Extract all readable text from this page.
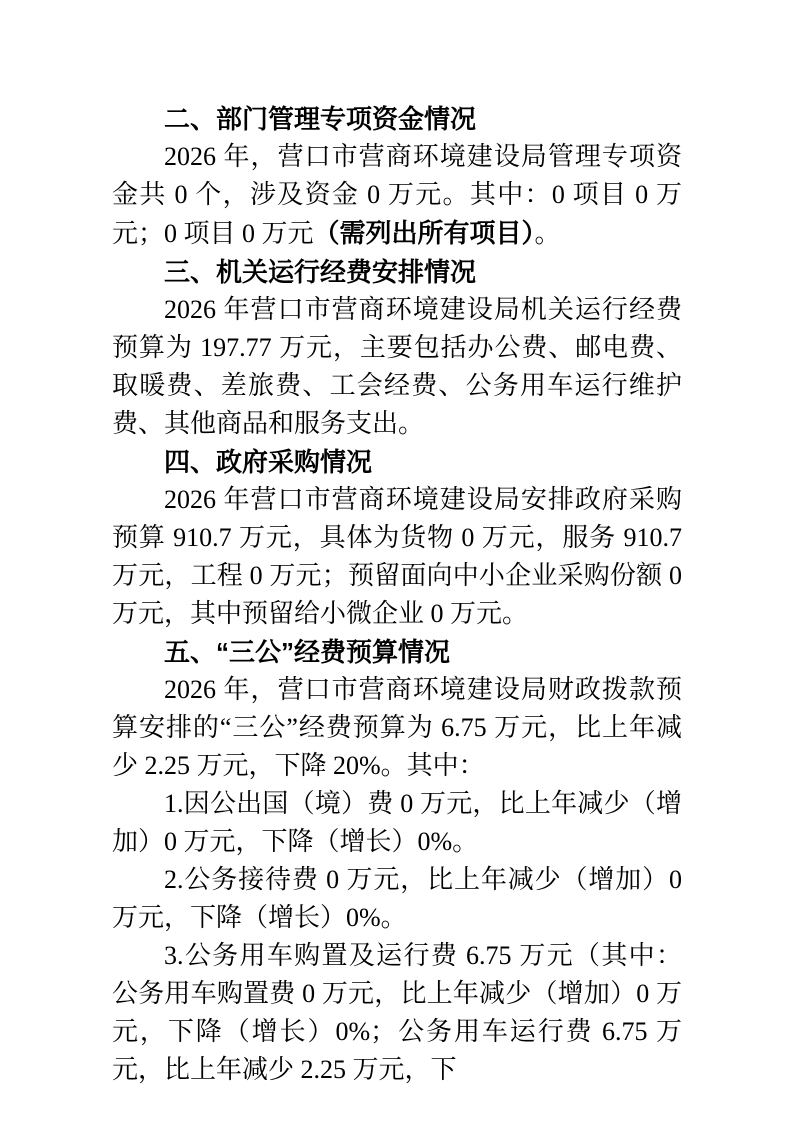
二、部门管理专项资金情况

2026 年，营口市营商环境建设局管理专项资金共 0 个，涉及资金 0 万元。其中：0 项目 0 万元；0 项目 0 万元（需列出所有项目）。

三、机关运行经费安排情况

2026 年营口市营商环境建设局机关运行经费预算为 197.77 万元，主要包括办公费、邮电费、取暖费、差旅费、工会经费、公务用车运行维护费、其他商品和服务支出。

四、政府采购情况

2026 年营口市营商环境建设局安排政府采购预算 910.7 万元，具体为货物 0 万元，服务 910.7 万元，工程 0 万元；预留面向中小企业采购份额 0 万元，其中预留给小微企业 0 万元。

五、“三公”经费预算情况

2026 年，营口市营商环境建设局财政拨款预算安排的“三公”经费预算为 6.75 万元，比上年减少 2.25 万元，下降 20%。其中：

1.因公出国（境）费 0 万元，比上年减少（增加）0 万元，下降（增长）0%。

2.公务接待费 0 万元，比上年减少（增加）0 万元，下降（增长）0%。

3.公务用车购置及运行费 6.75 万元（其中：公务用车购置费 0 万元，比上年减少（增加）0 万元，下降（增长）0%；公务用车运行费 6.75 万元，比上年减少 2.25 万元，下
